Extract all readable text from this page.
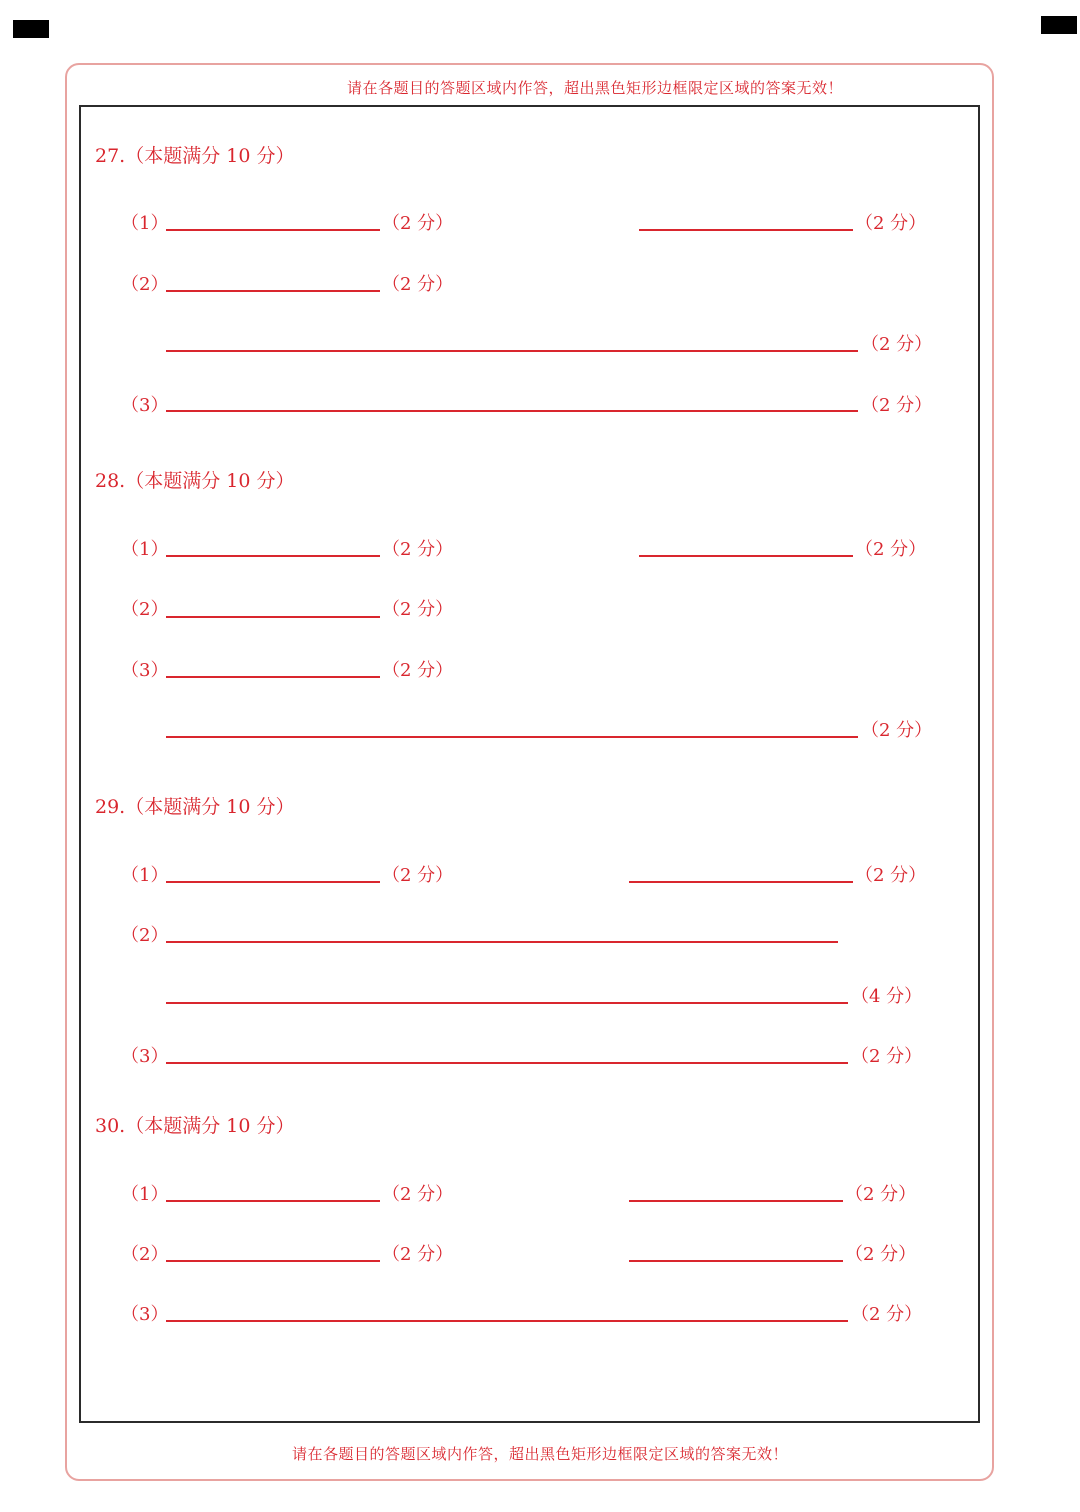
请在各题目的答题区域内作答，超出黑色矩形边框限定区域的答案无效！
27.（本题满分 10 分）
（1）	（2 分）	（2 分）
（2）	（2 分）
（2 分）
（3）	（2 分）
28.（本题满分 10 分）
（1）	（2 分）	（2 分）
（2）	（2 分）
（3）	（2 分）
（2 分）
29.（本题满分 10 分）
（1）	（2 分）	（2 分）
（2）
（4 分）
（3）	（2 分）
30.（本题满分 10 分）
（1）	（2 分）	（2 分）
（2）	（2 分）	（2 分）
（3）	（2 分）
请在各题目的答题区域内作答，超出黑色矩形边框限定区域的答案无效！
